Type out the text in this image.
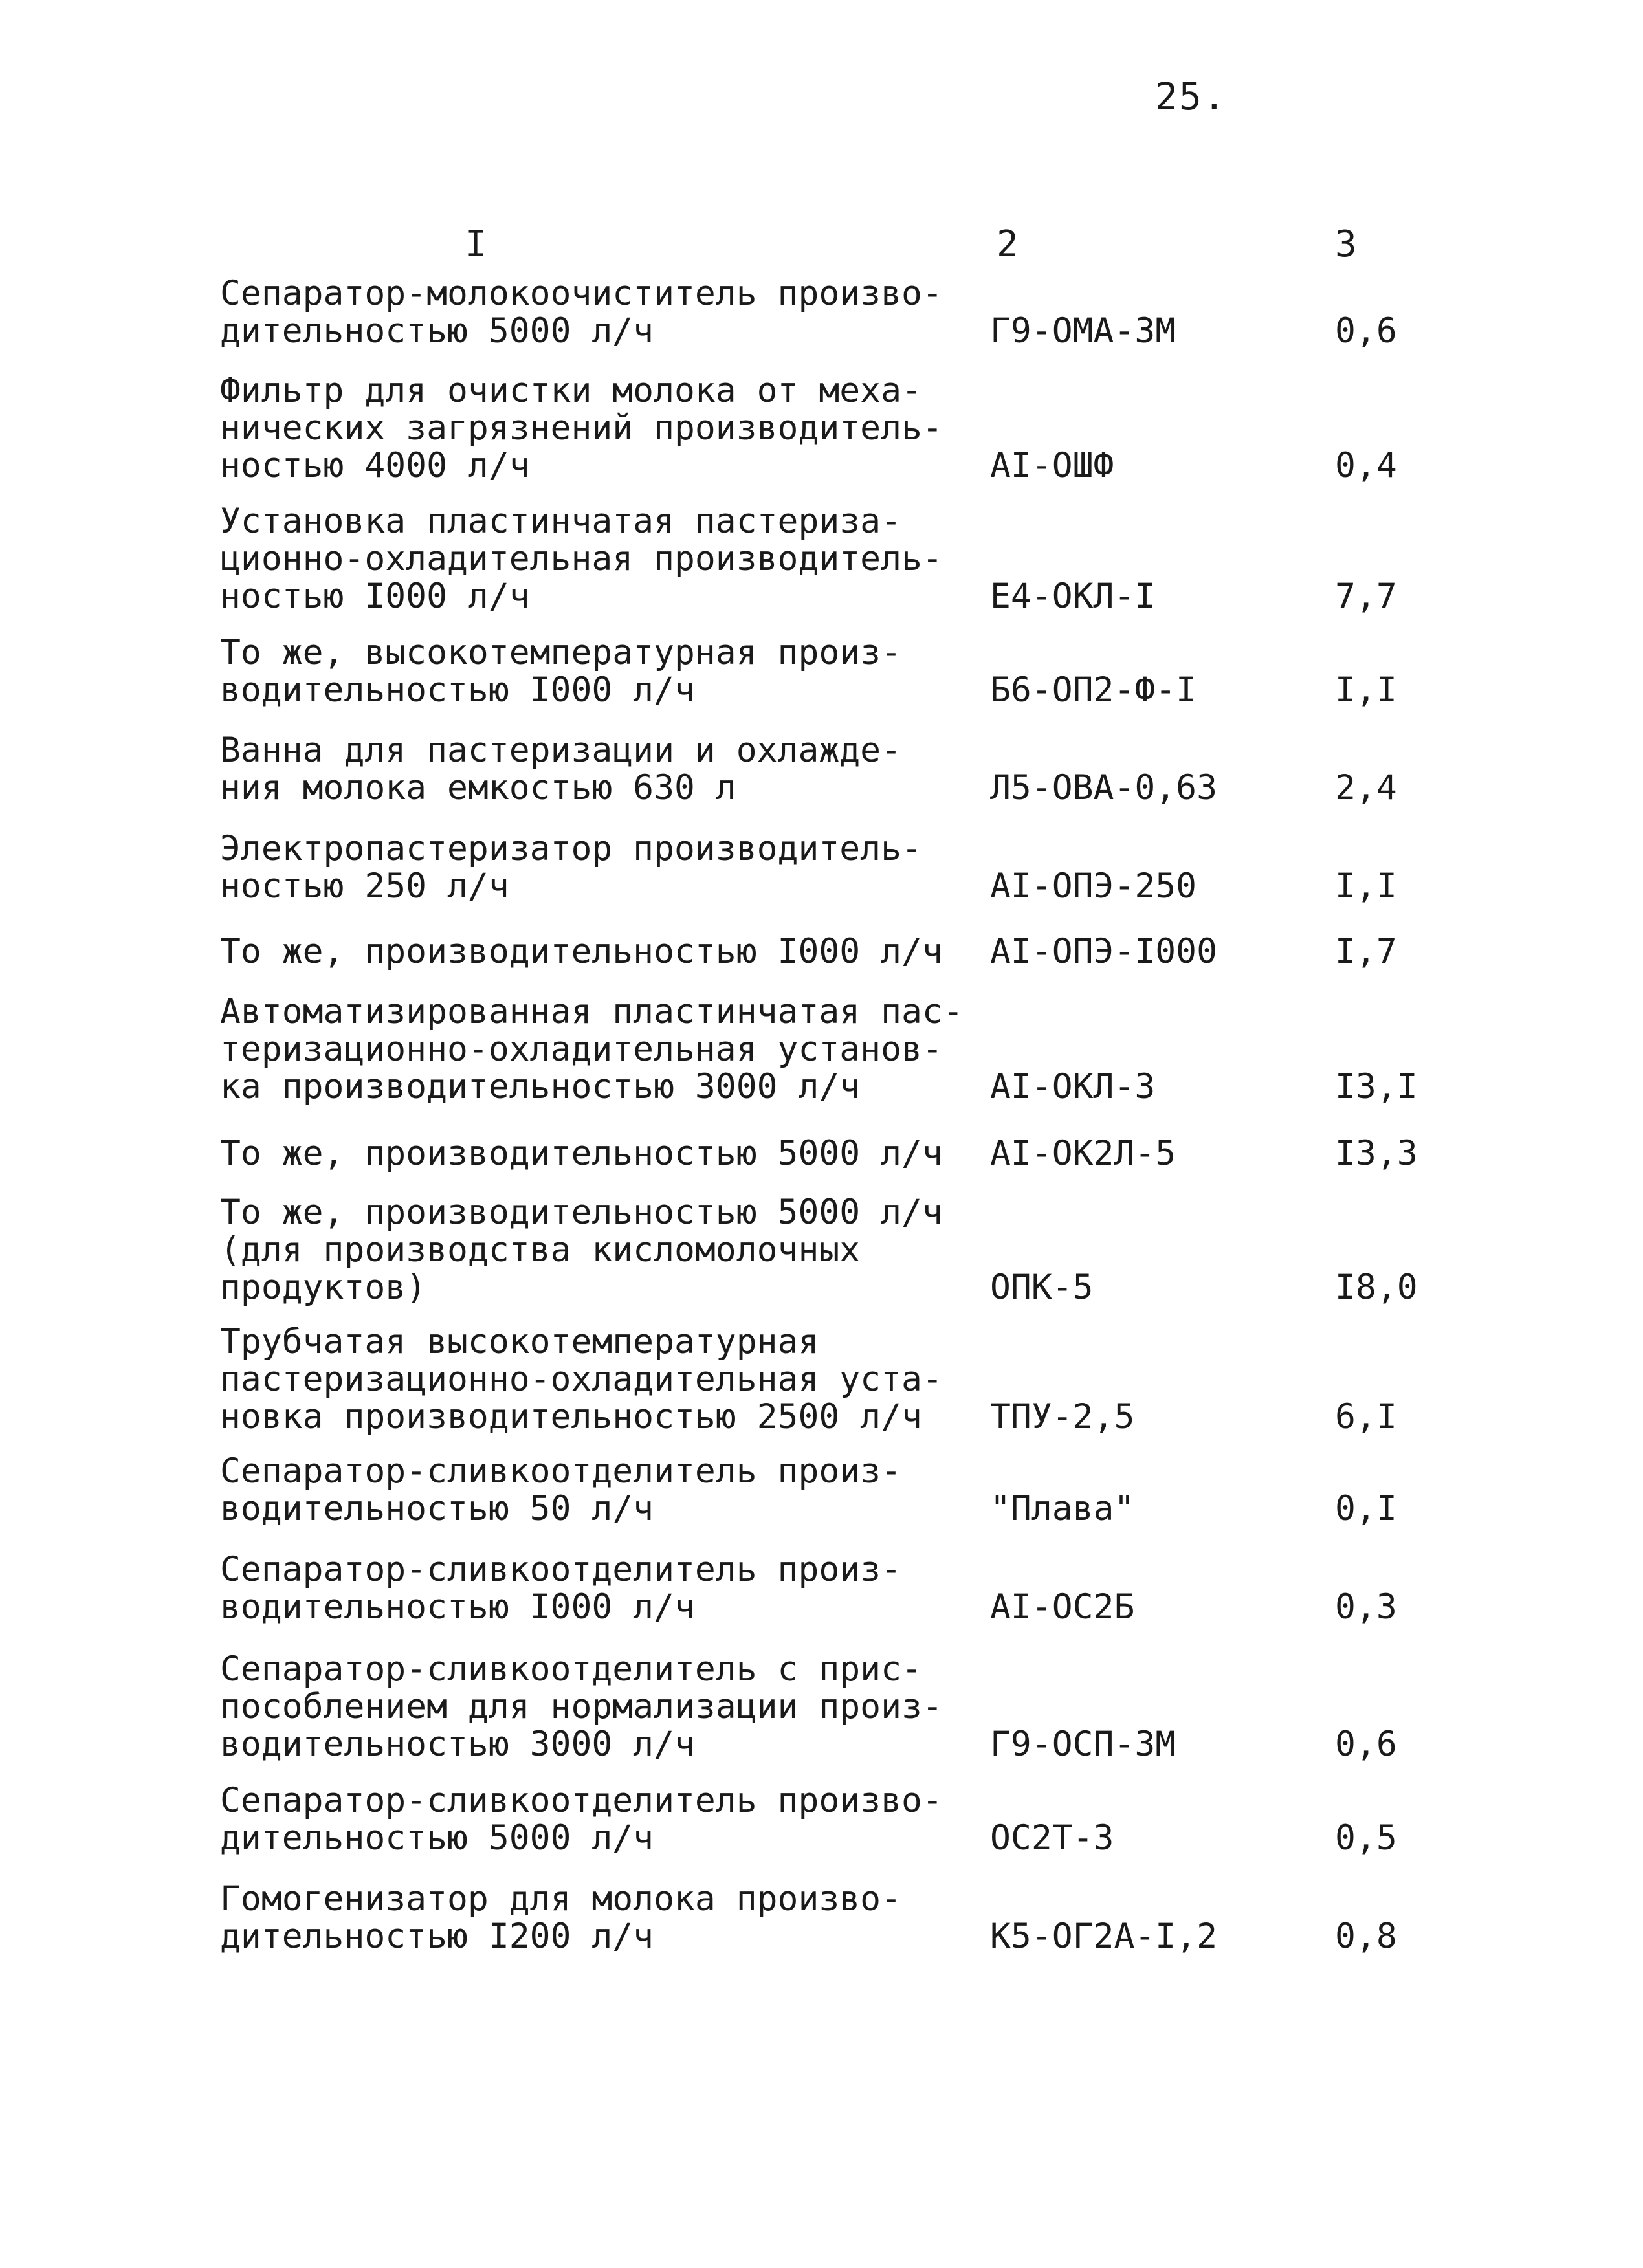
25.
I	2	3
Сепаратор-молокоочиститель произво-
дительностью 5000 л/ч	Г9-ОМА-3М	0,6
Фильтр для очистки молока от меха-
нических загрязнений производитель-
ностью 4000 л/ч	АI-ОШФ	0,4
Установка пластинчатая пастериза-
ционно-охладительная производитель-
ностью I000 л/ч	Е4-ОКЛ-I	7,7
То же, высокотемпературная произ-
водительностью I000 л/ч	Б6-ОП2-Ф-I	I,I
Ванна для пастеризации и охлажде-
ния молока емкостью 630 л	Л5-ОВА-0,63	2,4
Электропастеризатор производитель-
ностью 250 л/ч	АI-ОПЭ-250	I,I
То же, производительностью I000 л/ч	АI-ОПЭ-I000	I,7
Автоматизированная пластинчатая пас-
теризационно-охладительная установ-
ка производительностью 3000 л/ч	АI-ОКЛ-3	I3,I
То же, производительностью 5000 л/ч	АI-ОК2Л-5	I3,3
То же, производительностью 5000 л/ч
(для производства кисломолочных
продуктов)	ОПК-5	I8,0
Трубчатая высокотемпературная
пастеризационно-охладительная уста-
новка производительностью 2500 л/ч	ТПУ-2,5	6,I
Сепаратор-сливкоотделитель произ-
водительностью 50 л/ч	"Плава"	0,I
Сепаратор-сливкоотделитель произ-
водительностью I000 л/ч	АI-ОС2Б	0,3
Сепаратор-сливкоотделитель с прис-
пособлением для нормализации произ-
водительностью 3000 л/ч	Г9-ОСП-3М	0,6
Сепаратор-сливкоотделитель произво-
дительностью 5000 л/ч	ОС2Т-3	0,5
Гомогенизатор для молока произво-
дительностью I200 л/ч	К5-ОГ2А-I,2	0,8
